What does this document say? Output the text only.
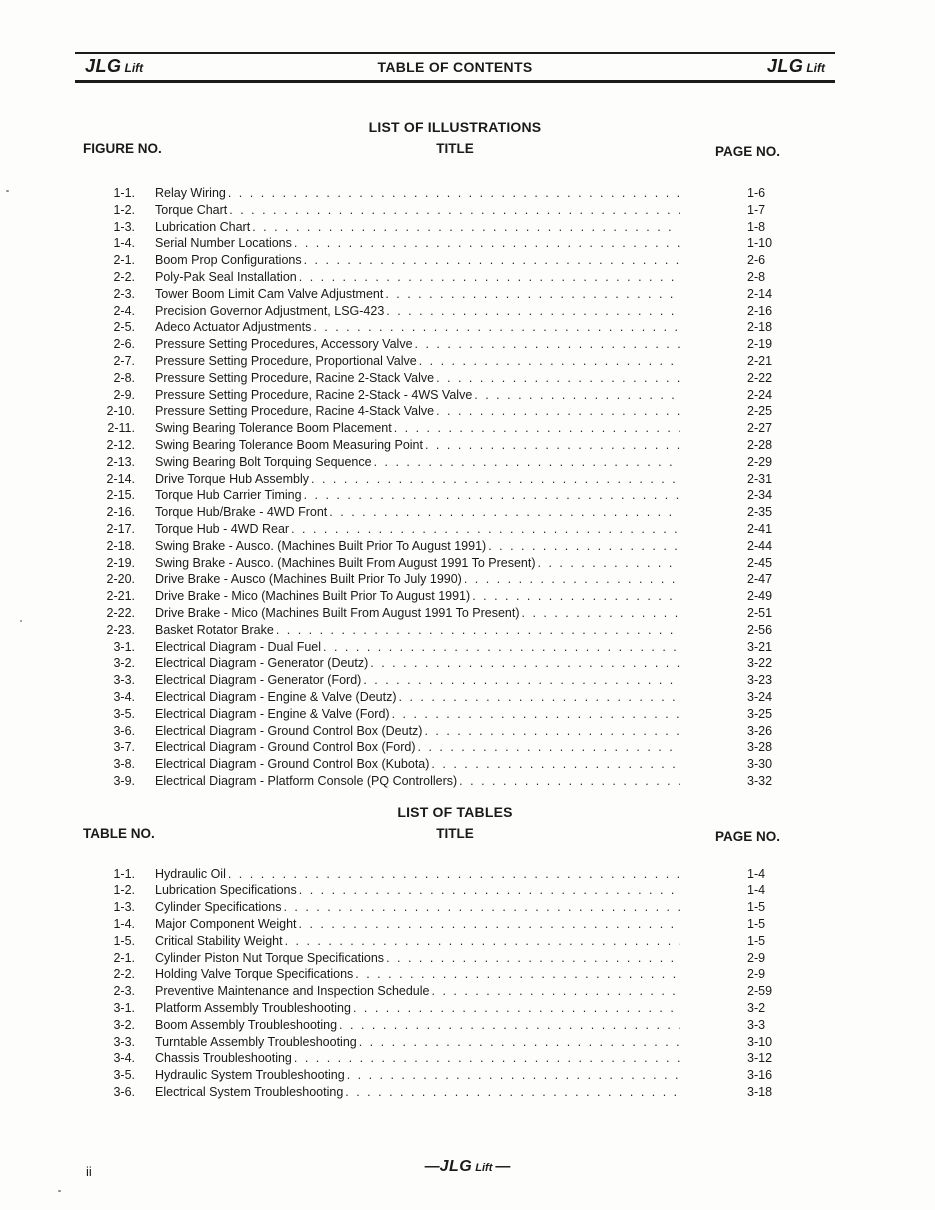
JLG Lift	TABLE OF CONTENTS	JLG Lift
LIST OF ILLUSTRATIONS
FIGURE NO.	TITLE	PAGE NO.
1-1. Relay Wiring . . .	1-6
1-2. Torque Chart . . .	1-7
1-3. Lubrication Chart . . .	1-8
1-4. Serial Number Locations . . .	1-10
2-1. Boom Prop Configurations . . .	2-6
2-2. Poly-Pak Seal Installation . . .	2-8
2-3. Tower Boom Limit Cam Valve Adjustment . . .	2-14
2-4. Precision Governor Adjustment, LSG-423 . . .	2-16
2-5. Adeco Actuator Adjustments . . .	2-18
2-6. Pressure Setting Procedures, Accessory Valve . . .	2-19
2-7. Pressure Setting Procedure, Proportional Valve . . .	2-21
2-8. Pressure Setting Procedure, Racine 2-Stack Valve . . .	2-22
2-9. Pressure Setting Procedure, Racine 2-Stack - 4WS Valve . . .	2-24
2-10. Pressure Setting Procedure, Racine 4-Stack Valve . . .	2-25
2-11. Swing Bearing Tolerance Boom Placement . . .	2-27
2-12. Swing Bearing Tolerance Boom Measuring Point . . .	2-28
2-13. Swing Bearing Bolt Torquing Sequence . . .	2-29
2-14. Drive Torque Hub Assembly . . .	2-31
2-15. Torque Hub Carrier Timing . . .	2-34
2-16. Torque Hub/Brake - 4WD Front . . .	2-35
2-17. Torque Hub - 4WD Rear . . .	2-41
2-18. Swing Brake - Ausco. (Machines Built Prior To August 1991) . . .	2-44
2-19. Swing Brake - Ausco. (Machines Built From August 1991 To Present) . . .	2-45
2-20. Drive Brake - Ausco (Machines Built Prior To July 1990) . . .	2-47
2-21. Drive Brake - Mico (Machines Built Prior To August 1991) . . .	2-49
2-22. Drive Brake - Mico (Machines Built From August 1991 To Present) . . .	2-51
2-23. Basket Rotator Brake . . .	2-56
3-1. Electrical Diagram - Dual Fuel . . .	3-21
3-2. Electrical Diagram - Generator (Deutz) . . .	3-22
3-3. Electrical Diagram - Generator (Ford) . . .	3-23
3-4. Electrical Diagram - Engine & Valve (Deutz) . . .	3-24
3-5. Electrical Diagram - Engine & Valve (Ford) . . .	3-25
3-6. Electrical Diagram - Ground Control Box (Deutz) . . .	3-26
3-7. Electrical Diagram - Ground Control Box (Ford) . . .	3-28
3-8. Electrical Diagram - Ground Control Box (Kubota) . . .	3-30
3-9. Electrical Diagram - Platform Console (PQ Controllers) . . .	3-32
LIST OF TABLES
TABLE NO.	TITLE	PAGE NO.
1-1. Hydraulic Oil . . .	1-4
1-2. Lubrication Specifications . . .	1-4
1-3. Cylinder Specifications . . .	1-5
1-4. Major Component Weight . . .	1-5
1-5. Critical Stability Weight . . .	1-5
2-1. Cylinder Piston Nut Torque Specifications . . .	2-9
2-2. Holding Valve Torque Specifications . . .	2-9
2-3. Preventive Maintenance and Inspection Schedule . . .	2-59
3-1. Platform Assembly Troubleshooting . . .	3-2
3-2. Boom Assembly Troubleshooting . . .	3-3
3-3. Turntable Assembly Troubleshooting . . .	3-10
3-4. Chassis Troubleshooting . . .	3-12
3-5. Hydraulic System Troubleshooting . . .	3-16
3-6. Electrical System Troubleshooting . . .	3-18
ii	—JLG Lift —
